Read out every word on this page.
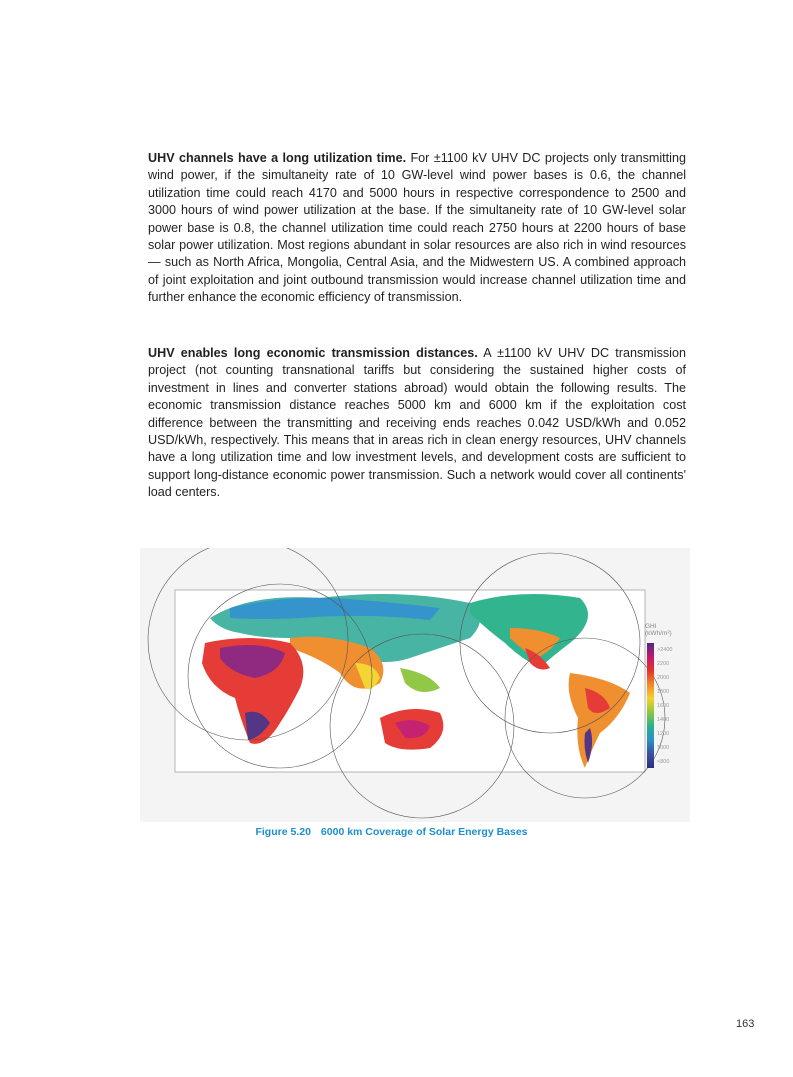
UHV channels have a long utilization time. For ±1100 kV UHV DC projects only transmitting wind power, if the simultaneity rate of 10 GW-level wind power bases is 0.6, the channel utilization time could reach 4170 and 5000 hours in respective correspondence to 2500 and 3000 hours of wind power utilization at the base. If the simultaneity rate of 10 GW-level solar power base is 0.8, the channel utilization time could reach 2750 hours at 2200 hours of base solar power utilization. Most regions abundant in solar resources are also rich in wind resources — such as North Africa, Mongolia, Central Asia, and the Midwestern US. A combined approach of joint exploitation and joint outbound transmission would increase channel utilization time and further enhance the economic efficiency of transmission.

UHV enables long economic transmission distances. A ±1100 kV UHV DC transmission project (not counting transnational tariffs but considering the sustained higher costs of investment in lines and converter stations abroad) would obtain the following results. The economic transmission distance reaches 5000 km and 6000 km if the exploitation cost difference between the transmitting and receiving ends reaches 0.042 USD/kWh and 0.052 USD/kWh, respectively. This means that in areas rich in clean energy resources, UHV channels have a long utilization time and low investment levels, and development costs are sufficient to support long-distance economic power transmission. Such a network would cover all continents' load centers.

GHI
(kWh/m²)
>2400
2200
2000
1800
1600
1400
1200
1000
<800
Figure 5.20 6000 km Coverage of Solar Energy Bases
163
